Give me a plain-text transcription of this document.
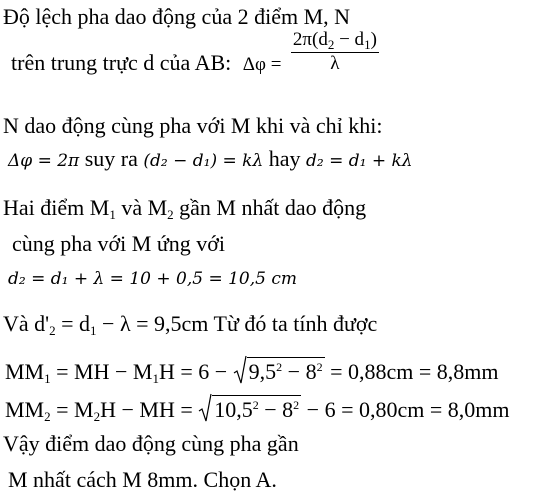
Độ lệch pha dao động của 2 điểm M, N
trên trung trực d của AB: $\Delta\varphi = \frac{2\pi(d_2 - d_1)}{\lambda}$
N dao động cùng pha với M khi và chỉ khi:
Δφ = 2π suy ra (d₂ − d₁) = kλ hay d₂ = d₁ + kλ
Hai điểm $M_1$ và $M_2$ gần M nhất dao động
cùng pha với M ứng với
d₂ = d₁ + λ = 10 + 0,5 = 10,5 cm
Và $d'_2 = d_1 - \lambda = 9,5cm$ Từ đó ta tính được
$MM_1$ = MH − $M_1H = 6 - 9,5^2 - 8^2 = 0,88cm = 8,8mm$
$MM_2 = M_2H$ − MH = $10,5^2 - 8^2 - 6 = 0,80cm = 8,0mm$
Vậy điểm dao động cùng pha gần
M nhất cách M 8mm. Chọn A.
